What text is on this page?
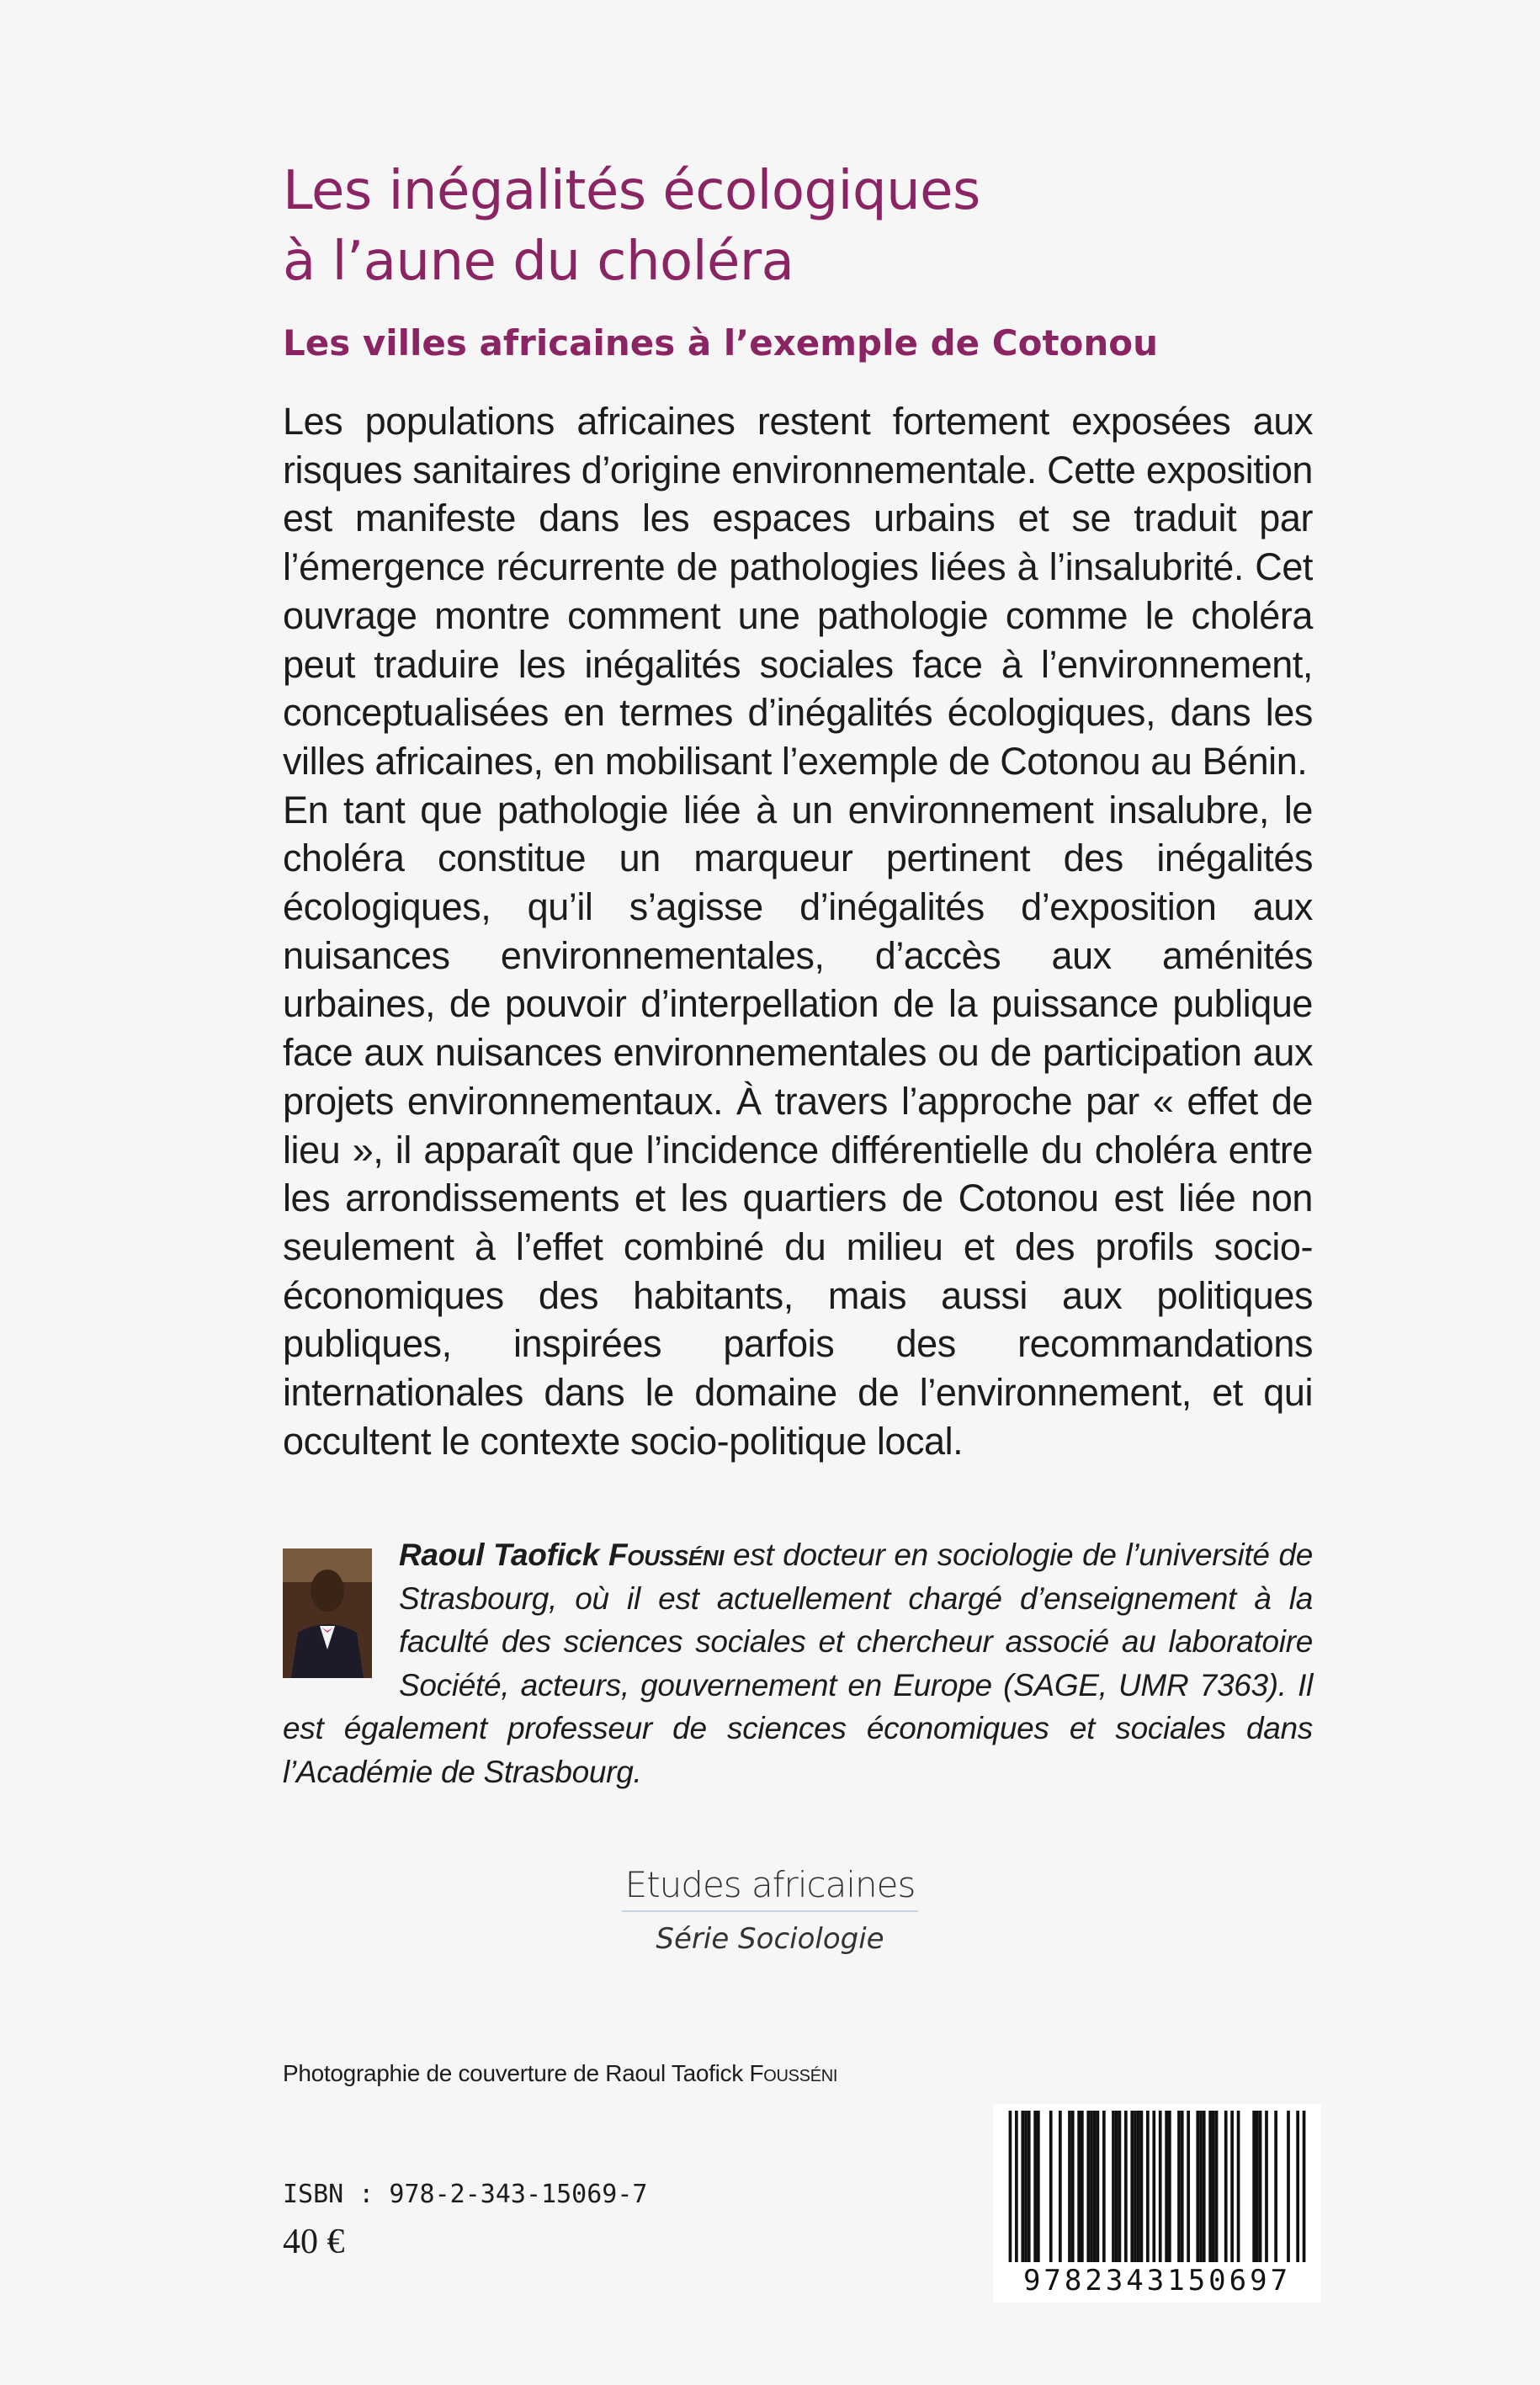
Les inégalités écologiques
à l’aune du choléra
Les villes africaines à l’exemple de Cotonou

Les populations africaines restent fortement exposées aux risques sanitaires d’origine environnementale. Cette exposition est manifeste dans les espaces urbains et se traduit par l’émergence récurrente de pathologies liées à l’insalubrité. Cet ouvrage montre comment une pathologie comme le choléra peut traduire les inégalités sociales face à l’environnement, conceptualisées en termes d’inégalités écologiques, dans les villes africaines, en mobilisant l’exemple de Cotonou au Bénin.

En tant que pathologie liée à un environnement insalubre, le choléra constitue un marqueur pertinent des inégalités écologiques, qu’il s’agisse d’inégalités d’exposition aux nuisances environnementales, d’accès aux aménités urbaines, de pouvoir d’interpellation de la puissance publique face aux nuisances environnementales ou de participation aux projets environnementaux. À travers l’approche par « effet de lieu », il apparaît que l’incidence différentielle du choléra entre les arrondissements et les quartiers de Cotonou est liée non seulement à l’effet combiné du milieu et des profils socio-économiques des habitants, mais aussi aux politiques publiques, inspirées parfois des recommandations internationales dans le domaine de l’environnement, et qui occultent le contexte socio-politique local.

Raoul Taofick Fousséni est docteur en sociologie de l’université de Strasbourg, où il est actuellement chargé d’enseignement à la faculté des sciences sociales et chercheur associé au laboratoire Société, acteurs, gouvernement en Europe (SAGE, UMR 7363). Il est également professeur de sciences économiques et sociales dans l’Académie de Strasbourg.
Etudes africaines
Série Sociologie
Photographie de couverture de Raoul Taofick Fousséni
ISBN : 978-2-343-15069-7
40 €
9782343150697
